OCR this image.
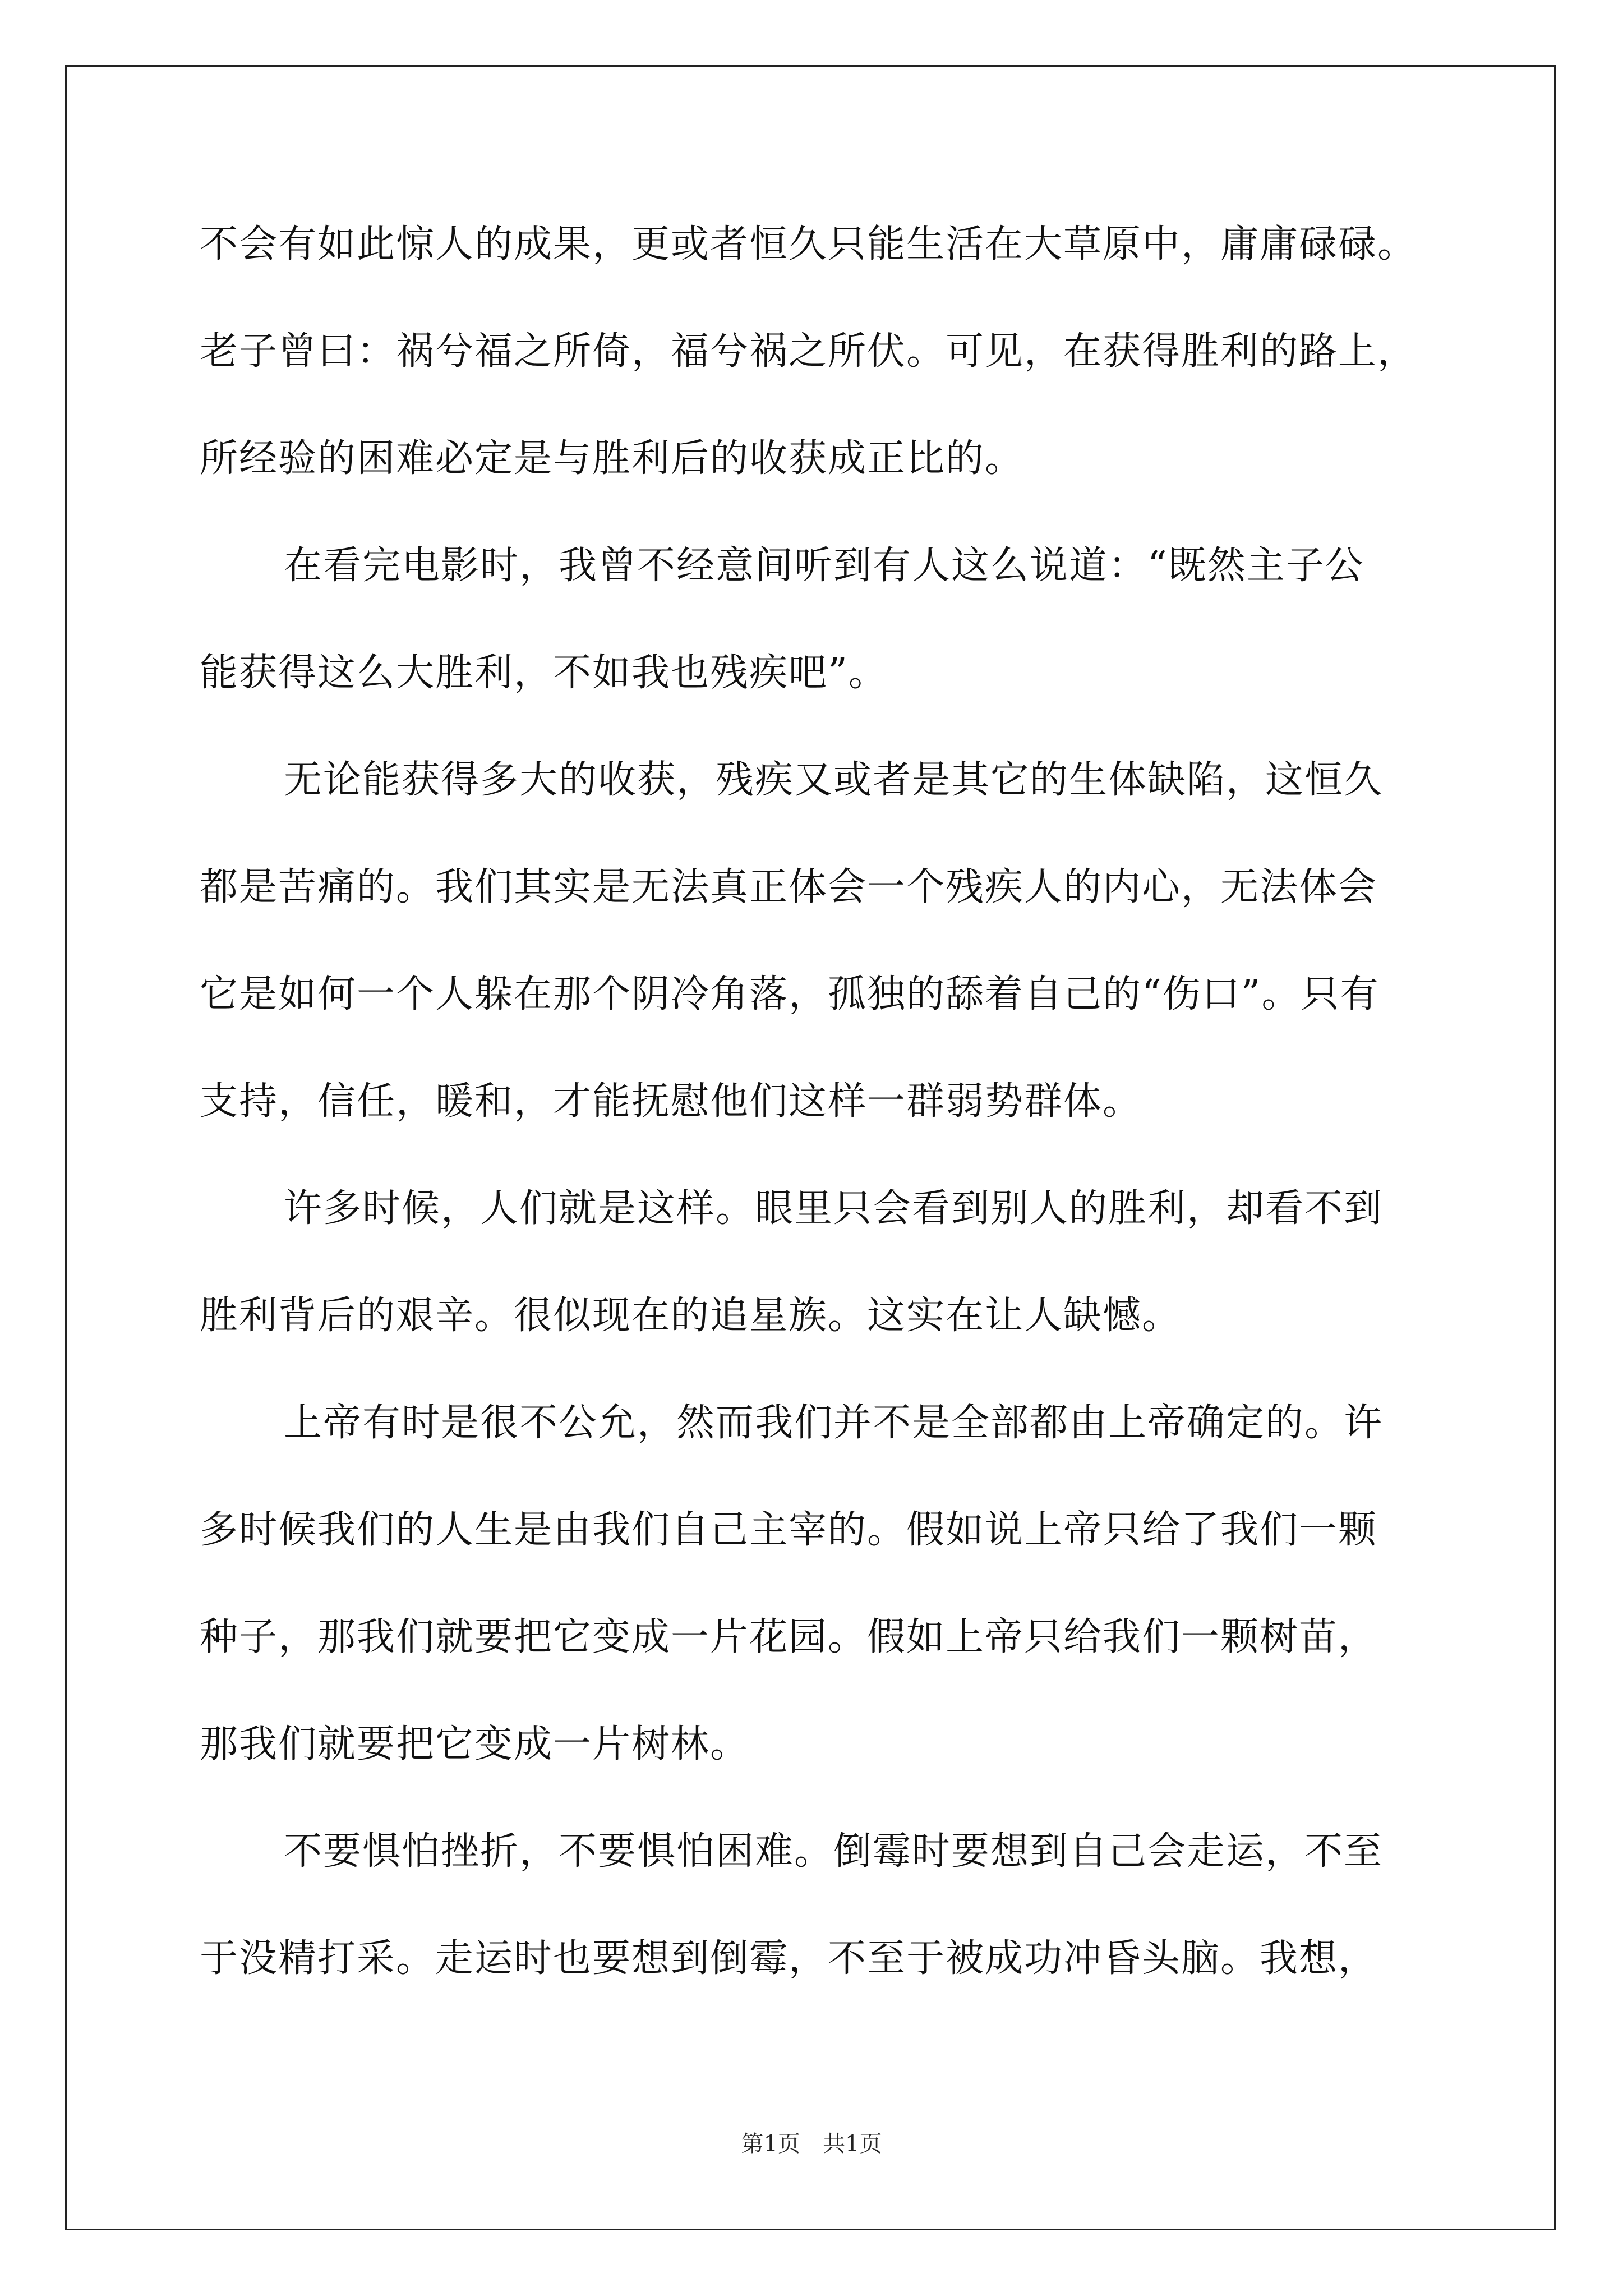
不会有如此惊人的成果，更或者恒久只能生活在大草原中，庸庸碌碌。
老子曾曰：祸兮福之所倚，福兮祸之所伏。可见，在获得胜利的路上，
所经验的困难必定是与胜利后的收获成正比的。
在看完电影时，我曾不经意间听到有人这么说道：“既然主子公
能获得这么大胜利，不如我也残疾吧”。
无论能获得多大的收获，残疾又或者是其它的生体缺陷，这恒久
都是苦痛的。我们其实是无法真正体会一个残疾人的内心，无法体会
它是如何一个人躲在那个阴冷角落，孤独的舔着自己的“伤口”。只有
支持，信任，暖和，才能抚慰他们这样一群弱势群体。
许多时候，人们就是这样。眼里只会看到别人的胜利，却看不到
胜利背后的艰辛。很似现在的追星族。这实在让人缺憾。
上帝有时是很不公允，然而我们并不是全部都由上帝确定的。许
多时候我们的人生是由我们自己主宰的。假如说上帝只给了我们一颗
种子，那我们就要把它变成一片花园。假如上帝只给我们一颗树苗，
那我们就要把它变成一片树林。
不要惧怕挫折，不要惧怕困难。倒霉时要想到自己会走运，不至
于没精打采。走运时也要想到倒霉，不至于被成功冲昏头脑。我想，
第1页 共1页
